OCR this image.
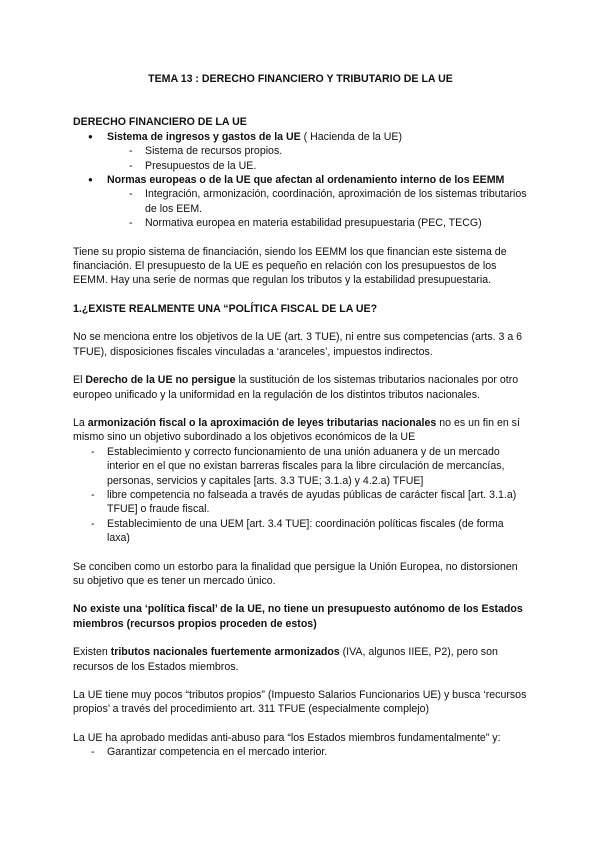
TEMA 13 : DERECHO FINANCIERO Y TRIBUTARIO DE LA UE
DERECHO FINANCIERO DE LA UE
● Sistema de ingresos y gastos de la UE ( Hacienda de la UE)
- Sistema de recursos propios.
- Presupuestos de la UE.
● Normas europeas o de la UE que afectan al ordenamiento interno de los EEMM
- Integración, armonización, coordinación, aproximación de los sistemas tributarios de los EEM.
- Normativa europea en materia estabilidad presupuestaria (PEC, TECG)

Tiene su propio sistema de financiación, siendo los EEMM los que financian este sistema de financiación. El presupuesto de la UE es pequeño en relación con los presupuestos de los EEMM. Hay una serie de normas que regulan los tributos y la estabilidad presupuestaria.

1.¿EXISTE REALMENTE UNA “POLÍTICA FISCAL DE LA UE?

No se menciona entre los objetivos de la UE (art. 3 TUE), ni entre sus competencias (arts. 3 a 6 TFUE), disposiciones fiscales vinculadas a ‘aranceles’, impuestos indirectos.

El Derecho de la UE no persigue la sustitución de los sistemas tributarios nacionales por otro europeo unificado y la uniformidad en la regulación de los distintos tributos nacionales.

La armonización fiscal o la aproximación de leyes tributarias nacionales no es un fin en sí mismo sino un objetivo subordinado a los objetivos económicos de la UE
- Establecimiento y correcto funcionamiento de una unión aduanera y de un mercado interior en el que no existan barreras fiscales para la libre circulación de mercancías, personas, servicios y capitales [arts. 3.3 TUE; 3.1.a) y 4.2.a) TFUE]
- libre competencia no falseada a través de ayudas públicas de carácter fiscal [art. 3.1.a) TFUE] o fraude fiscal.
- Establecimiento de una UEM [art. 3.4 TUE]: coordinación políticas fiscales (de forma laxa)

Se conciben como un estorbo para la finalidad que persigue la Unión Europea, no distorsionen su objetivo que es tener un mercado único.

No existe una ‘política fiscal’ de la UE, no tiene un presupuesto autónomo de los Estados miembros (recursos propios proceden de estos)

Existen tributos nacionales fuertemente armonizados (IVA, algunos IIEE, P2), pero son recursos de los Estados miembros.

La UE tiene muy pocos “tributos propios” (Impuesto Salarios Funcionarios UE) y busca ‘recursos propios’ a través del procedimiento art. 311 TFUE (especialmente complejo)

La UE ha aprobado medidas anti-abuso para “los Estados miembros fundamentalmente” y:
- Garantizar competencia en el mercado interior.
